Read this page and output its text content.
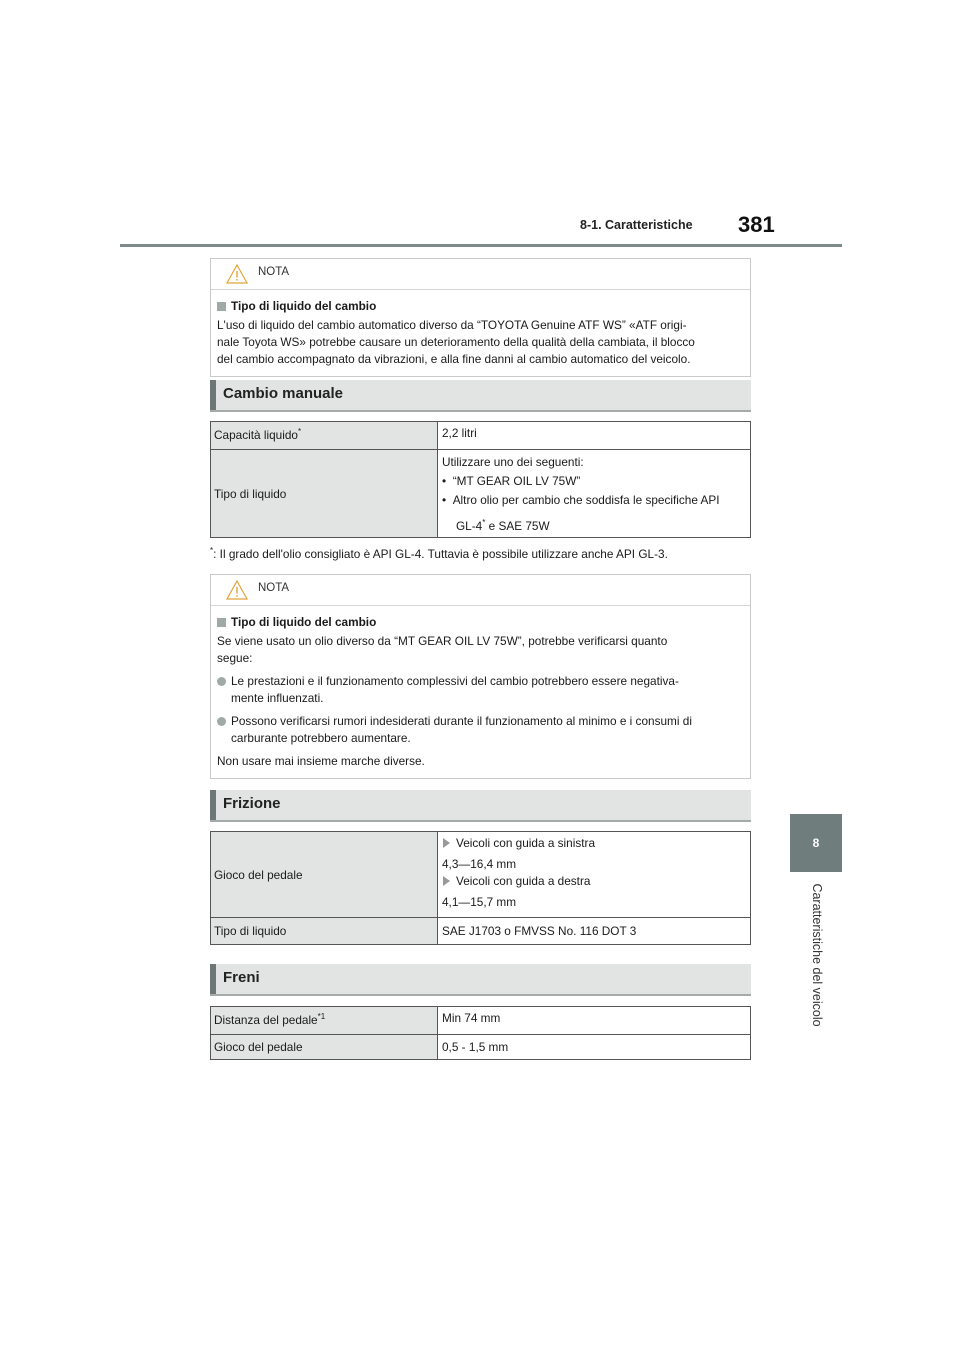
8-1. Caratteristiche 381
8
Caratteristiche del veicolo
NOTA
Tipo di liquido del cambio

L'uso di liquido del cambio automatico diverso da “TOYOTA Genuine ATF WS” «ATF origi-
nale Toyota WS» potrebbe causare un deterioramento della qualità della cambiata, il blocco
del cambio accompagnato da vibrazioni, e alla fine danni al cambio automatico del veicolo.

Cambio manuale
Capacità liquido*	2,2 litri

Tipo di liquido	Utilizzare uno dei seguenti:
•  “MT GEAR OIL LV 75W”
•  Altro olio per cambio che soddisfa le specifiche API
GL-4* e SAE 75W
*: Il grado dell'olio consigliato è API GL-4. Tuttavia è possibile utilizzare anche API GL-3.
NOTA
Tipo di liquido del cambio

Se viene usato un olio diverso da “MT GEAR OIL LV 75W”, potrebbe verificarsi quanto
segue:

Le prestazioni e il funzionamento complessivi del cambio potrebbero essere negativa-
mente influenzati.
Possono verificarsi rumori indesiderati durante il funzionamento al minimo e i consumi di
carburante potrebbero aumentare.

Non usare mai insieme marche diverse.

Frizione
Gioco del pedale	Veicoli con guida a sinistra
4,3—16,4 mm
Veicoli con guida a destra
4,1—15,7 mm

Tipo di liquido	SAE J1703 o FMVSS No. 116 DOT 3
Freni
Distanza del pedale$^{*1}$	Min 74 mm

Gioco del pedale	0,5 - 1,5 mm
